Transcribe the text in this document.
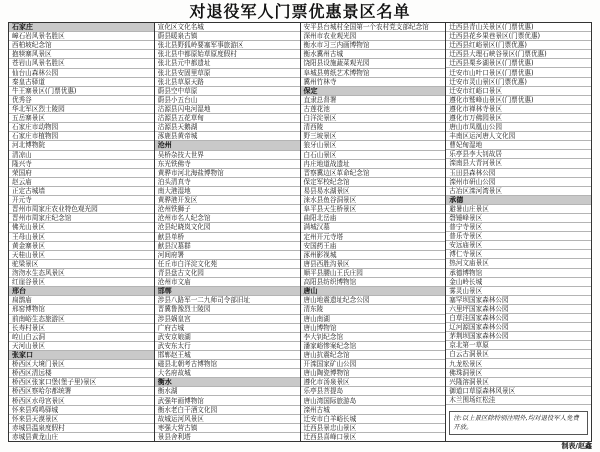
对退役军人门票优惠景区名单
石家庄
嶂石岩风景名胜区
西柏坡纪念馆
抱犊寨风景区
苍岩山风景名胜区
仙台山森林公园
秦皇古驿道
牛王寨景区(门票优惠)
优秀谷
华北军区烈士陵园
五岳寨景区
石家庄市动物园
石家庄市植物园
河北博物院
清凉山
隆兴寺
荣国府
赵云庙
正定古城墙
开元寺
晋州市周家庄农业特色观光园
晋州市周家庄纪念馆
佛光山景区
王母山景区
黄金寨景区
天桂山景区
驼梁景区
沕沕水生态风景区
红崖谷景区
邢台
扁鹊庙
邢窑博物馆
前南峪生态旅游区
长寿村景区
崆山白云洞
天河山景区
张家口
桥西区大境门景区
桥西区清远楼
桥西区张家口堡(堡子里)景区
桥西区察哈尔都统署
桥西区水母宫景区
怀来县鸡鸣驿城
怀来县天漠景区
赤城县温泉度假村
赤城县黄龙山庄
宣化区文化名城
蔚县暖泉古镇
张北县野狐岭要塞军事旅游区
张北县中都原始草原度假村
张北县元中都遗址
张北县安固里草原
张北县草原天路
蔚县空中草原
蔚县小五台山
沽源县闪电河湿地
沽源县五花草甸
沽源县天鹅湖
涿鹿县黄帝城
沧州
吴桥杂技大世界
东光铁佛寺
黄骅市河北海盐博物馆
泊头清真寺
南大港湿地
黄骅港开发区
沧州铁狮子
沧州市名人纪念馆
沧县纪晓岚文化园
献县单桥
献县汉墓群
河间府署
任丘市白洋淀文化苑
青县盘古文化园
沧州市文庙
邯郸
涉县八路军一二九师司令部旧址
晋冀鲁豫烈士陵园
涉县娲皇宫
广府古城
武安京娘湖
武安东太行
邯郸赵王城
磁县北朝考古博物馆
大名府故城
衡水
衡水湖
武强年画博物馆
衡水老白干酒文化园
故城运河风景区
枣强大营古镇
景县舍利塔
安平县台城村全国第一个农村党支部纪念馆
深州市农业观光园
衡水市习三内画博物馆
衡水冀州古城
饶阳县设施蔬菜观光园
阜城县剪纸艺术博物馆
冀州竹林寺
保定
直隶总督署
古莲花池
白洋淀景区
清西陵
野三坡景区
狼牙山景区
白石山景区
冉庄地道战遗址
晋察冀边区革命纪念馆
保定军校纪念馆
易县易水湖景区
涞水县鱼谷洞景区
阜平县天生桥景区
曲阳北岳庙
满城汉墓
定州开元寺塔
安国药王庙
涿州影视城
唐县西胜沟景区
顺平县腰山王氏庄园
高阳县纺织博物馆
唐山
唐山地震遗址纪念公园
清东陵
唐山南湖
唐山博物馆
李大钊纪念馆
潘家峪惨案纪念馆
唐山抗震纪念馆
开滦国家矿山公园
唐山陶瓷博物馆
遵化市汤泉景区
乐亭县菩提岛
唐山湾国际旅游岛
滦州古城
迁安市白羊峪长城
迁西县景忠山景区
迁西县喜峰口景区
迁西县青山关景区(门票优惠)
迁西县花乡果巷景区(门票优惠)
迁西县红峪景区(门票优惠)
迁西县大理石峡谷景区(门票优惠)
迁西县栗乡湖景区(门票优惠)
迁安市山叶口景区(门票优惠)
迁安市灵山景区(门票优惠)
迁安市红峪口景区
遵化市鹫峰山景区(门票优惠)
遵化市禅林寺景区
遵化市万佛园景区
唐山市凤凰山公园
丰南区运河唐人文化园
曹妃甸湿地
乐亭县李大钊故居
滦南县大青河景区
玉田县森林公园
滦州市研山公园
古冶区滦河湾景区
承德
避暑山庄景区
磬锤峰景区
普宁寺景区
普乐寺景区
安远庙景区
溥仁寺景区
热河文庙景区
承德博物馆
金山岭长城
雾灵山景区
塞罕坝国家森林公园
六里坪国家森林公园
白草洼国家森林公园
辽河源国家森林公园
茅荆坝国家森林公园
京北第一草原
白云古洞景区
九龙松景区
佛珠洞景区
兴隆溶洞景区
御道口草原森林风景区
木兰围场红松洼
注:以上景区除特别注明外,均对退役军人免费开放。
制表/赵鑫
